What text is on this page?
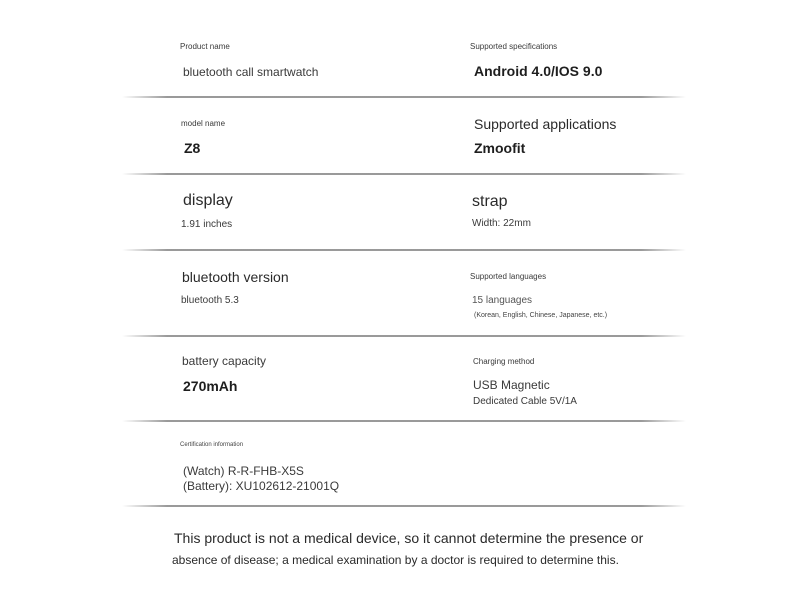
Product name
bluetooth call smartwatch
Supported specifications
Android 4.0/IOS 9.0
model name
Z8
Supported applications
Zmoofit
display
1.91 inches
strap
Width: 22mm
bluetooth version
bluetooth 5.3
Supported languages
15 languages
(Korean, English, Chinese, Japanese, etc.)
battery capacity
270mAh
Charging method
USB Magnetic
Dedicated Cable 5V/1A
Certification information
(Watch) R-R-FHB-X5S
(Battery): XU102612-21001Q
This product is not a medical device, so it cannot determine the presence or
absence of disease; a medical examination by a doctor is required to determine this.
